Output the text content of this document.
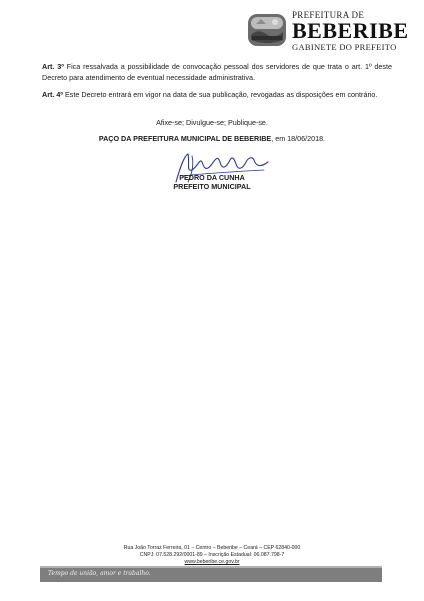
PREFEITURA DE
BEBERIBE
GABINETE DO PREFEITO
Art. 3º Fica ressalvada a possibilidade de convocação pessoal dos servidores de que trata o art. 1º deste Decreto para atendimento de eventual necessidade administrativa.
Art. 4º Este Decreto entrará em vigor na data de sua publicação, revogadas as disposições em contrário.
Afixe-se; Divulgue-se; Publique-se.
PAÇO DA PREFEITURA MUNICIPAL DE BEBERIBE, em 18/06/2018.
PEDRO DA CUNHA
PREFEITO MUNICIPAL
Rua João Torraz Ferreira, 01 – Centro – Beberibe – Ceará – CEP 62840-000
CNPJ: 07.528.292/0001-89 – Inscrição Estadual: 06.087.798-7
www.beberibe.ce.gov.br
Tempo de união, amor e trabalho.
